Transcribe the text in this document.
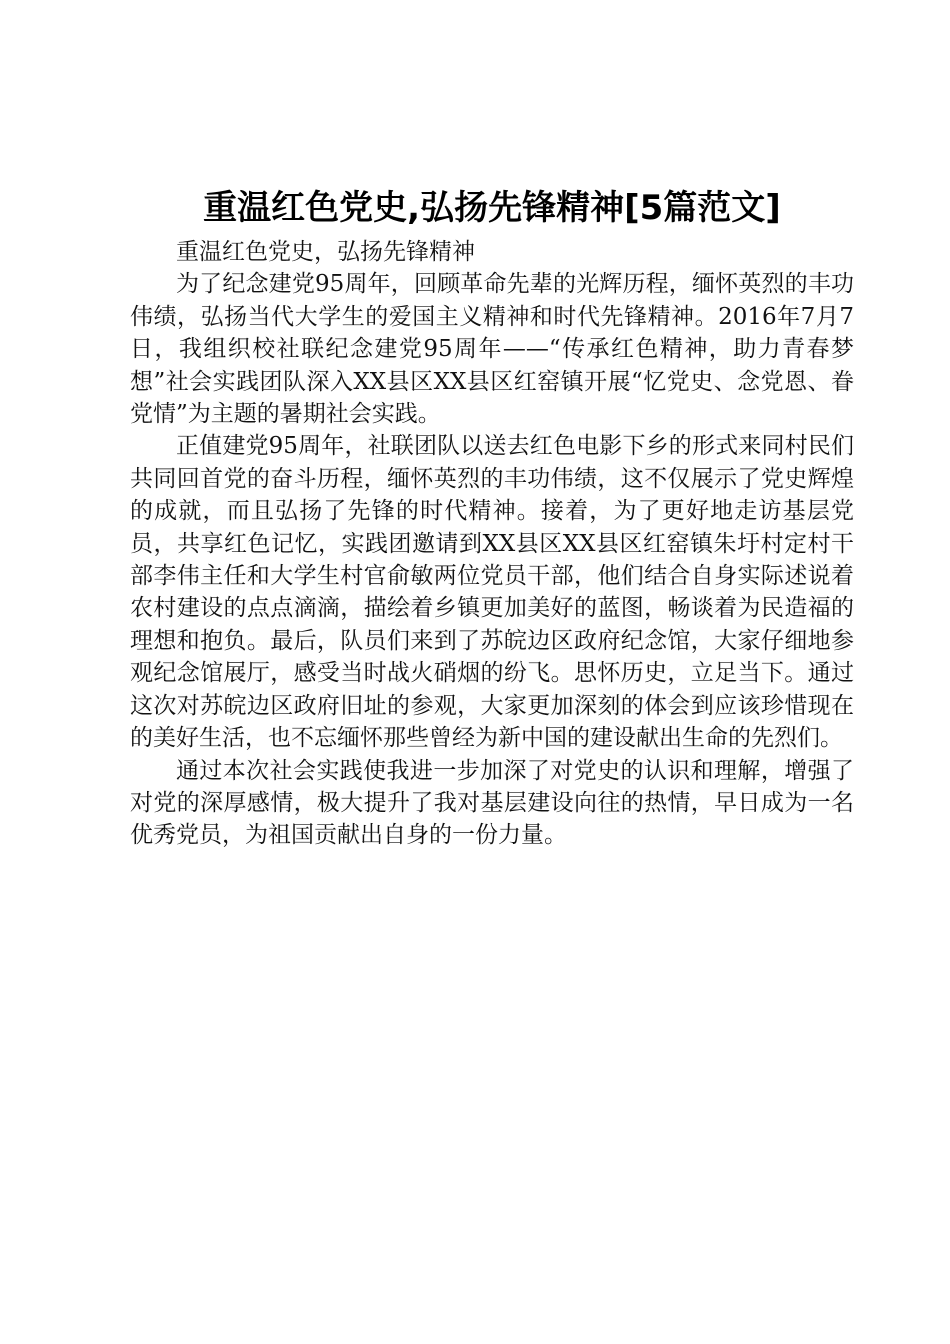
重温红色党史,弘扬先锋精神[5篇范文]

重温红色党史，弘扬先锋精神

为了纪念建党95周年，回顾革命先辈的光辉历程，缅怀英烈的丰功伟绩，弘扬当代大学生的爱国主义精神和时代先锋精神。2016年7月7日，我组织校社联纪念建党95周年——“传承红色精神，助力青春梦想”社会实践团队深入XX县区XX县区红窑镇开展“忆党史、念党恩、眷党情”为主题的暑期社会实践。

正值建党95周年，社联团队以送去红色电影下乡的形式来同村民们共同回首党的奋斗历程，缅怀英烈的丰功伟绩，这不仅展示了党史辉煌的成就，而且弘扬了先锋的时代精神。接着，为了更好地走访基层党员，共享红色记忆，实践团邀请到XX县区XX县区红窑镇朱圩村定村干部李伟主任和大学生村官俞敏两位党员干部，他们结合自身实际述说着农村建设的点点滴滴，描绘着乡镇更加美好的蓝图，畅谈着为民造福的理想和抱负。最后，队员们来到了苏皖边区政府纪念馆，大家仔细地参观纪念馆展厅，感受当时战火硝烟的纷飞。思怀历史，立足当下。通过这次对苏皖边区政府旧址的参观，大家更加深刻的体会到应该珍惜现在的美好生活，也不忘缅怀那些曾经为新中国的建设献出生命的先烈们。

通过本次社会实践使我进一步加深了对党史的认识和理解，增强了对党的深厚感情，极大提升了我对基层建设向往的热情，早日成为一名优秀党员，为祖国贡献出自身的一份力量。
